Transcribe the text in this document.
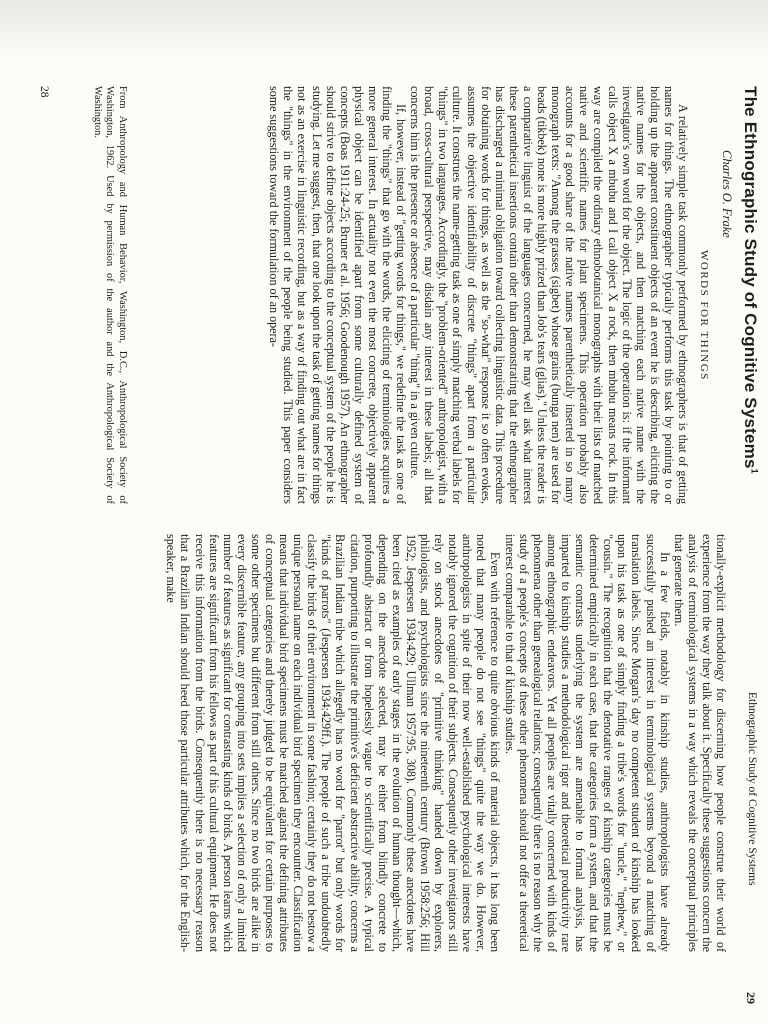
The Ethnographic Study of Cognitive Systems$^1$
Charles O. Frake
WORDS FOR THINGS

A relatively simple task commonly performed by ethnographers is that of getting names for things. The ethnographer typically performs this task by pointing to or holding up the apparent constituent objects of an event he is describing, eliciting the native names for the objects, and then matching each native name with the investigator's own word for the object. The logic of the operation is: if the informant calls object X a mbubu and I call object X a rock, then mbubu means rock. In this way are compiled the ordinary ethnobotanical monographs with their lists of matched native and scientific names for plant specimens. This operation probably also accounts for a good share of the native names parenthetically inserted in so many monograph texts: "Among the grasses (sigbet) whose grains (bunga nen) are used for beads (tikbek) none is more highly prized than Job's tears (glias)." Unless the reader is a comparative linguist of the languages concerned, he may well ask what interest these parenthetical insertions contain other than demonstrating that the ethnographer has discharged a minimal obligation toward collecting linguistic data. This procedure for obtaining words for things, as well as the "so-what" response it so often evokes, assumes the objective identifiability of discrete "things" apart from a particular culture. It construes the name-getting task as one of simply matching verbal labels for "things" in two languages. Accordingly, the "problem-oriented" anthropologist, with a broad, cross-cultural perspective, may disdain any interest in these labels; all that concerns him is the presence or absence of a particular "thing" in a given culture.

If, however, instead of "getting words for things," we redefine the task as one of finding the "things" that go with the words, the eliciting of terminologies acquires a more general interest. In actuality not even the most concrete, objectively apparent physical object can be identified apart from some culturally defined system of concepts (Boas 1911:24-25; Bruner et al. 1956; Goodenough 1957). An ethnographer should strive to define objects according to the conceptual system of the people he is studying. Let me suggest, then, that one look upon the task of getting names for things not as an exercise in linguistic recording, but as a way of finding out what are in fact the "things" in the environment of the people being studied. This paper considers some suggestions toward the formulation of an opera-

From Anthropology and Human Behavior, Washington, D.C., Anthropological Society of Washington, 1962. Used by permission of the author and the Anthropological Society of Washington.
28
Ethnographic Study of Cognitive Systems
29

tionally-explicit methodology for discerning how people construe their world of experience from the way they talk about it. Specifically these suggestions concern the analysis of terminological systems in a way which reveals the conceptual principles that generate them.

In a few fields, notably in kinship studies, anthropologists have already successfully pushed an interest in terminological systems beyond a matching of translation labels. Since Morgan's day no competent student of kinship has looked upon his task as one of simply finding a tribe's words for "uncle," "nephew," or "cousin." The recognition that the denotative ranges of kinship categories must be determined empirically in each case, that the categories form a system, and that the semantic contrasts underlying the system are amenable to formal analysis, has imparted to kinship studies a methodological rigor and theoretical productivity rare among ethnographic endeavors. Yet all peoples are vitally concerned with kinds of phenomena other than genealogical relations; consequently there is no reason why the study of a people's concepts of these other phenomena should not offer a theoretical interest comparable to that of kinship studies.

Even with reference to quite obvious kinds of material objects, it has long been noted that many people do not see "things" quite the way we do. However, anthropologists in spite of their now well-established psychological interests have notably ignored the cognition of their subjects. Consequently other investigators still rely on stock anecdotes of "primitive thinking" handed down by explorers, philologists, and psychologists since the nineteenth century (Brown 1958:256; Hill 1952; Jespersen 1934:429; Ullman 1957:95, 308). Commonly these anecdotes have been cited as examples of early stages in the evolution of human thought—which, depending on the anecdote selected, may be either from blindly concrete to profoundly abstract or from hopelessly vague to scientifically precise. A typical citation, purporting to illustrate the primitive's deficient abstractive ability, concerns a Brazilian Indian tribe which allegedly has no word for "parrot" but only words for "kinds of parrots" (Jespersen 1934:429ff.). The people of such a tribe undoubtedly classify the birds of their environment in some fashion; certainly they do not bestow a unique personal name on each individual bird specimen they encounter. Classification means that individual bird specimens must be matched against the defining attributes of conceptual categories and thereby judged to be equivalent for certain purposes to some other specimens but different from still others. Since no two birds are alike in every discernible feature, any grouping into sets implies a selection of only a limited number of features as significant for contrasting kinds of birds. A person learns which features are significant from his fellows as part of his cultural equipment. He does not receive this information from the birds. Consequently there is no necessary reason that a Brazilian Indian should heed those particular attributes which, for the English-speaker, make
